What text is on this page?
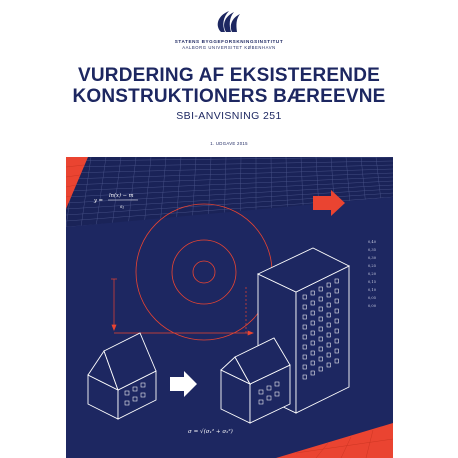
STATENS BYGGEFORSKNINGSINSTITUT
AALBORG UNIVERSITET KØBENHAVN
VURDERING AF EKSISTERENDE
KONSTRUKTIONERS BÆREEVNE
SBI-ANVISNING 251
1. UDGAVE 2015
ln(x) − m
y =
$s_l$
0,40
0,35
0,30
0,25
0,20
0,15
0,10
0,05
0,00
σ = √(σ₁² + σ₂²)
